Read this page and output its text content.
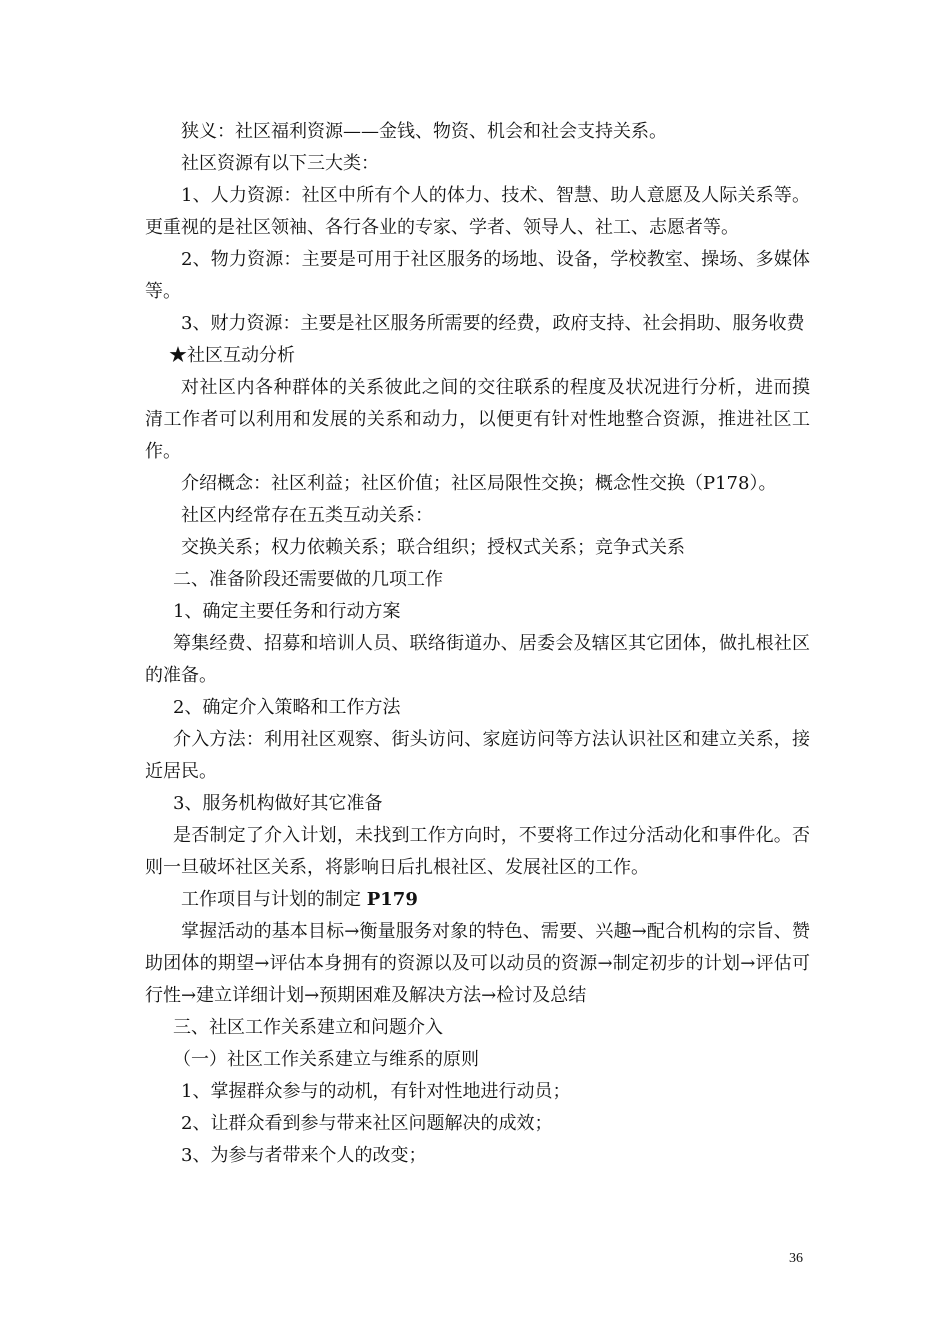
狭义：社区福利资源——金钱、物资、机会和社会支持关系。

社区资源有以下三大类：

1、人力资源：社区中所有个人的体力、技术、智慧、助人意愿及人际关系等。更重视的是社区领袖、各行各业的专家、学者、领导人、社工、志愿者等。

2、物力资源：主要是可用于社区服务的场地、设备，学校教室、操场、多媒体等。

3、财力资源：主要是社区服务所需要的经费，政府支持、社会捐助、服务收费

★社区互动分析

对社区内各种群体的关系彼此之间的交往联系的程度及状况进行分析，进而摸清工作者可以利用和发展的关系和动力，以便更有针对性地整合资源，推进社区工作。

介绍概念：社区利益；社区价值；社区局限性交换；概念性交换（P178）。

社区内经常存在五类互动关系：

交换关系；权力依赖关系；联合组织；授权式关系；竞争式关系

二、准备阶段还需要做的几项工作

1、确定主要任务和行动方案

筹集经费、招募和培训人员、联络街道办、居委会及辖区其它团体，做扎根社区的准备。

2、确定介入策略和工作方法

介入方法：利用社区观察、街头访问、家庭访问等方法认识社区和建立关系，接近居民。

3、服务机构做好其它准备

是否制定了介入计划，未找到工作方向时，不要将工作过分活动化和事件化。否则一旦破坏社区关系，将影响日后扎根社区、发展社区的工作。

工作项目与计划的制定 P179

掌握活动的基本目标→衡量服务对象的特色、需要、兴趣→配合机构的宗旨、赞助团体的期望→评估本身拥有的资源以及可以动员的资源→制定初步的计划→评估可行性→建立详细计划→预期困难及解决方法→检讨及总结

三、社区工作关系建立和问题介入

（一）社区工作关系建立与维系的原则

1、掌握群众参与的动机，有针对性地进行动员；

2、让群众看到参与带来社区问题解决的成效；

3、为参与者带来个人的改变；

36
